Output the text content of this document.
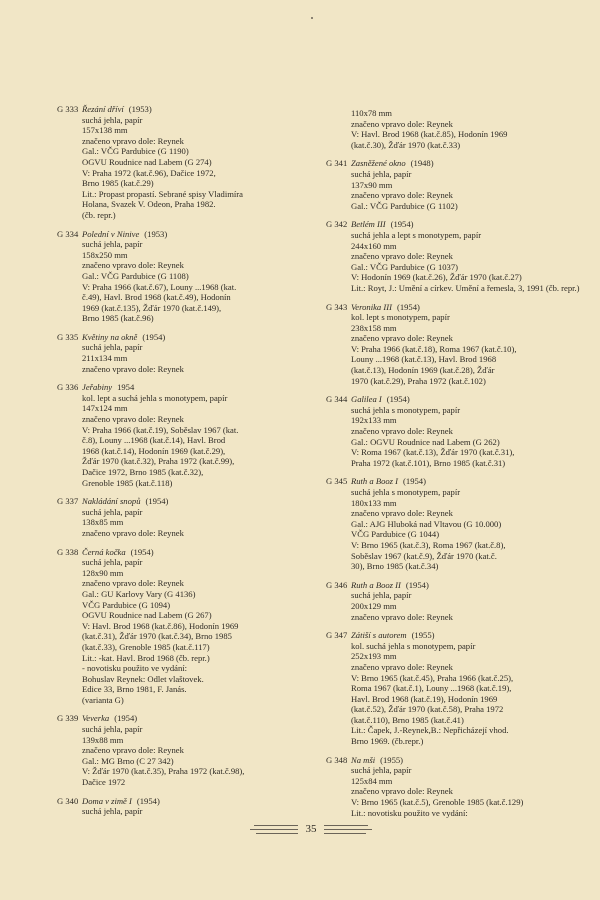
G 333 Řezání dříví (1953)
suchá jehla, papír
157x138 mm
značeno vpravo dole: Reynek
Gal.: VČG Pardubice (G 1190)
OGVU Roudnice nad Labem (G 274)
V: Praha 1972 (kat.č.96), Dačice 1972,
Brno 1985 (kat.č.29)
Lit.: Propast propastí. Sebrané spisy Vladimíra
Holana, Svazek V. Odeon, Praha 1982.
(čb. repr.)
G 334 Polední v Ninive (1953)
suchá jehla, papír
158x250 mm
značeno vpravo dole: Reynek
Gal.: VČG Pardubice (G 1108)
V: Praha 1966 (kat.č.67), Louny ...1968 (kat.
č.49), Havl. Brod 1968 (kat.č.49), Hodonín
1969 (kat.č.135), Žďár 1970 (kat.č.149),
Brno 1985 (kat.č.96)
G 335 Květiny na okně (1954)
suchá jehla, papír
211x134 mm
značeno vpravo dole: Reynek
G 336 Jeřabiny 1954
kol. lept a suchá jehla s monotypem, papír
147x124 mm
značeno vpravo dole: Reynek
V: Praha 1966 (kat.č.19), Soběslav 1967 (kat.
č.8), Louny ...1968 (kat.č.14), Havl. Brod
1968 (kat.č.14), Hodonín 1969 (kat.č.29),
Žďár 1970 (kat.č.32), Praha 1972 (kat.č.99),
Dačice 1972, Brno 1985 (kat.č.32),
Grenoble 1985 (kat.č.118)
G 337 Nakládání snopů (1954)
suchá jehla, papír
138x85 mm
značeno vpravo dole: Reynek
G 338 Černá kočka (1954)
suchá jehla, papír
128x90 mm
značeno vpravo dole: Reynek
Gal.: GU Karlovy Vary (G 4136)
VČG Pardubice (G 1094)
OGVU Roudnice nad Labem (G 267)
V: Havl. Brod 1968 (kat.č.86), Hodonín 1969
(kat.č.31), Žďár 1970 (kat.č.34), Brno 1985
(kat.č.33), Grenoble 1985 (kat.č.117)
Lit.: -kat. Havl. Brod 1968 (čb. repr.)
- novotisku použito ve vydání:
Bohuslav Reynek: Odlet vlaštovek.
Edice 33, Brno 1981, F. Janás.
(varianta G)
G 339 Veverka (1954)
suchá jehla, papír
139x88 mm
značeno vpravo dole: Reynek
Gal.: MG Brno (C 27 342)
V: Žďár 1970 (kat.č.35), Praha 1972 (kat.č.98),
Dačice 1972
G 340 Doma v zimě I (1954)
suchá jehla, papír
110x78 mm
značeno vpravo dole: Reynek
V: Havl. Brod 1968 (kat.č.85), Hodonín 1969
(kat.č.30), Žďár 1970 (kat.č.33)
G 341 Zasněžené okno (1948)
suchá jehla, papír
137x90 mm
značeno vpravo dole: Reynek
Gal.: VČG Pardubice (G 1102)
G 342 Betlém III (1954)
suchá jehla a lept s monotypem, papír
244x160 mm
značeno vpravo dole: Reynek
Gal.: VČG Pardubice (G 1037)
V: Hodonín 1969 (kat.č.26), Žďár 1970 (kat.č.27)
Lit.: Royt, J.: Umění a církev. Umění a řemesla, 3, 1991 (čb. repr.)
G 343 Veronika III (1954)
kol. lept s monotypem, papír
238x158 mm
značeno vpravo dole: Reynek
V: Praha 1966 (kat.č.18), Roma 1967 (kat.č.10),
Louny ...1968 (kat.č.13), Havl. Brod 1968
(kat.č.13), Hodonín 1969 (kat.č.28), Žďár
1970 (kat.č.29), Praha 1972 (kat.č.102)
G 344 Galilea I (1954)
suchá jehla s monotypem, papír
192x133 mm
značeno vpravo dole: Reynek
Gal.: OGVU Roudnice nad Labem (G 262)
V: Roma 1967 (kat.č.13), Žďár 1970 (kat.č.31),
Praha 1972 (kat.č.101), Brno 1985 (kat.č.31)
G 345 Ruth a Booz I (1954)
suchá jehla s monotypem, papír
180x133 mm
značeno vpravo dole: Reynek
Gal.: AJG Hluboká nad Vltavou (G 10.000)
VČG Pardubice (G 1044)
V: Brno 1965 (kat.č.3), Roma 1967 (kat.č.8),
Soběslav 1967 (kat.č.9), Žďár 1970 (kat.č.
30), Brno 1985 (kat.č.34)
G 346 Ruth a Booz II (1954)
suchá jehla, papír
200x129 mm
značeno vpravo dole: Reynek
G 347 Zátiší s autorem (1955)
kol. suchá jehla s monotypem, papír
252x193 mm
značeno vpravo dole: Reynek
V: Brno 1965 (kat.č.45), Praha 1966 (kat.č.25),
Roma 1967 (kat.č.1), Louny ...1968 (kat.č.19),
Havl. Brod 1968 (kat.č.19), Hodonín 1969
(kat.č.52), Žďár 1970 (kat.č.58), Praha 1972
(kat.č.110), Brno 1985 (kat.č.41)
Lit.: Čapek, J.-Reynek,B.: Nepřicházejí vhod.
Brno 1969. (čb.repr.)
G 348 Na mši (1955)
suchá jehla, papír
125x84 mm
značeno vpravo dole: Reynek
V: Brno 1965 (kat.č.5), Grenoble 1985 (kat.č.129)
Lit.: novotisku použito ve vydání:
35
